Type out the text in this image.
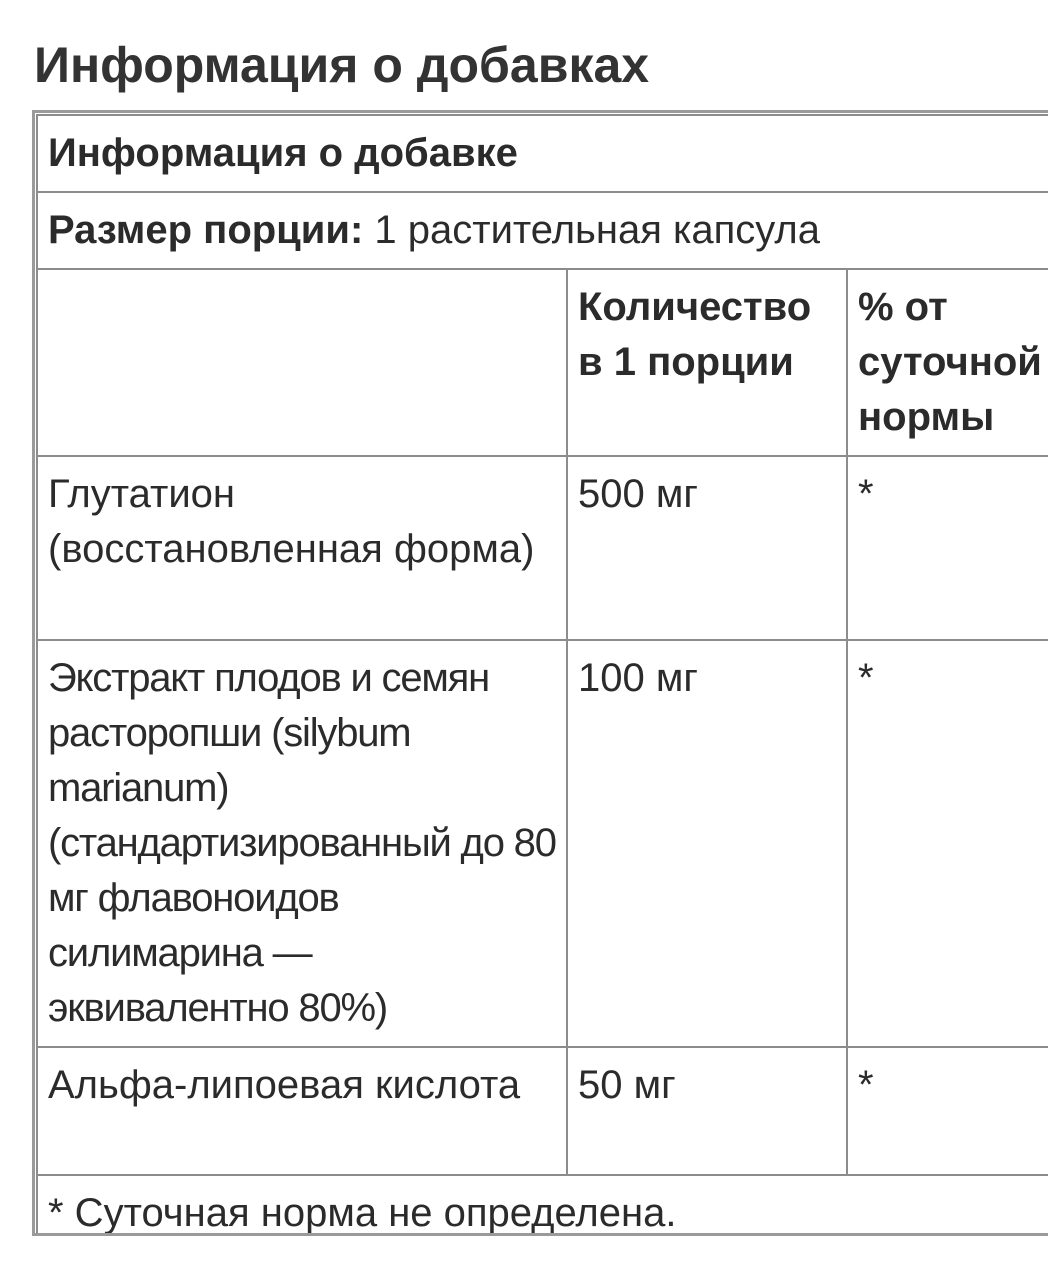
Информация о добавках
Информация о добавке		
Размер порции: 1 растительная капсула		
	Количество в 1 порции	% от суточной нормы
Глутатион (восстановленная форма)	500 мг	*
Экстракт плодов и семян расторопши (silybum marianum) (стандартизированный до 80 мг флавоноидов силимарина — эквивалентно 80%)	100 мг	*
Альфа-липоевая кислота	50 мг	*
* Суточная норма не определена.		
